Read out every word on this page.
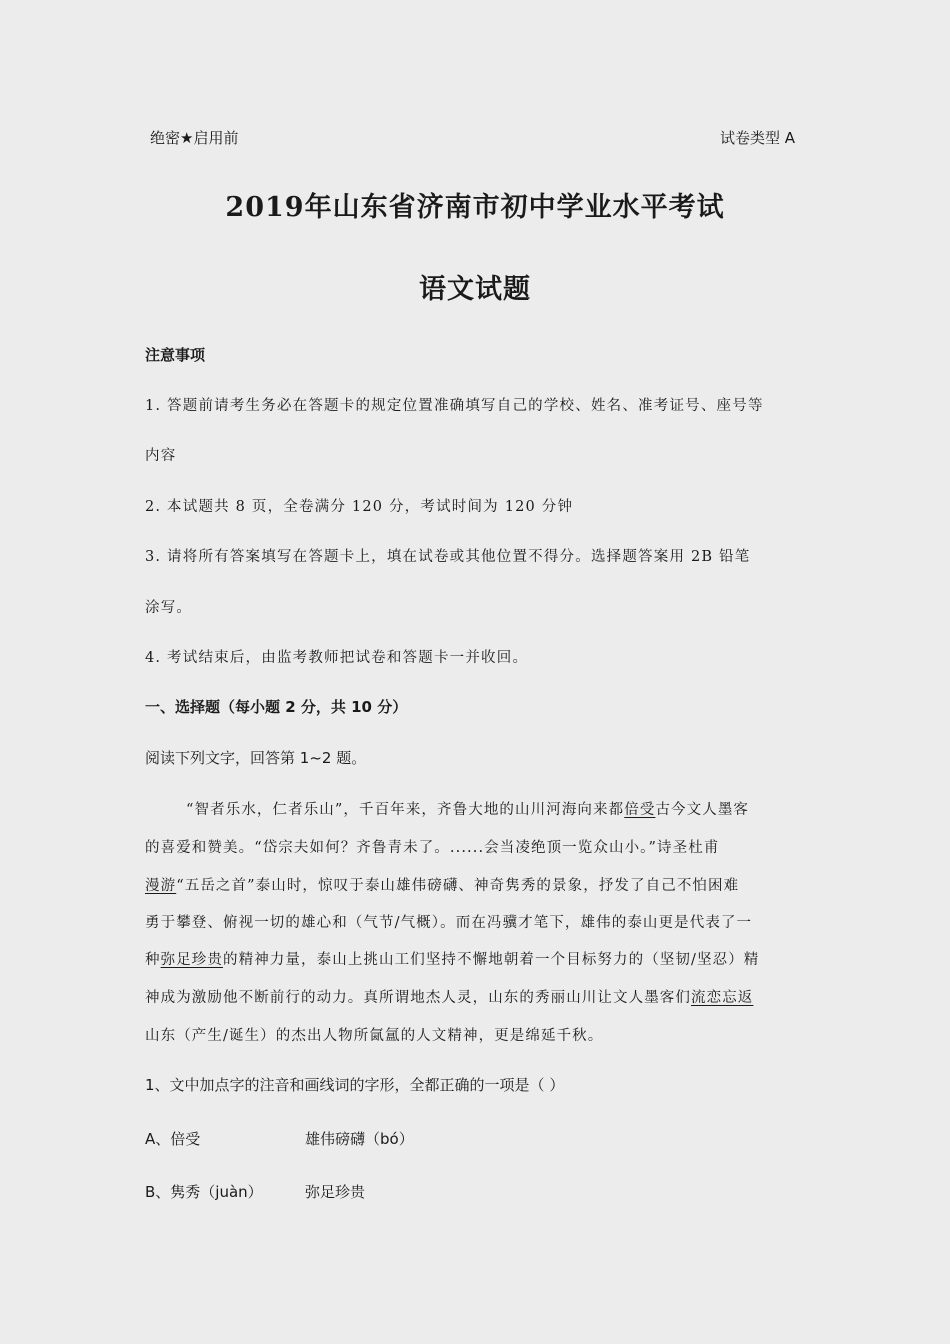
绝密★启用前	试卷类型 A
2019年山东省济南市初中学业水平考试
语文试题
注意事项
1. 答题前请考生务必在答题卡的规定位置准确填写自己的学校、姓名、准考证号、座号等
内容
2. 本试题共 8 页，全卷满分 120 分，考试时间为 120 分钟
3. 请将所有答案填写在答题卡上，填在试卷或其他位置不得分。选择题答案用 2B 铅笔
涂写。
4. 考试结束后，由监考教师把试卷和答题卡一并收回。
一、选择题（每小题 2 分，共 10 分）
阅读下列文字，回答第 1~2 题。
“智者乐水，仁者乐山”，千百年来，齐鲁大地的山川河海向来都倍受古今文人墨客
的喜爱和赞美。“岱宗夫如何？齐鲁青未了。......会当凌绝顶一览众山小。”诗圣杜甫
漫游“五岳之首”泰山时，惊叹于泰山雄伟磅礴、神奇隽秀的景象，抒发了自己不怕困难
勇于攀登、俯视一切的雄心和（气节/气概）。而在冯骥才笔下，雄伟的泰山更是代表了一
种弥足珍贵的精神力量，泰山上挑山工们坚持不懈地朝着一个目标努力的（坚韧/坚忍）精
神成为激励他不断前行的动力。真所谓地杰人灵，山东的秀丽山川让文人墨客们流恋忘返
山东（产生/诞生）的杰出人物所氤氲的人文精神，更是绵延千秋。
1、文中加点字的注音和画线词的字形，全都正确的一项是（ ）
A、倍受	雄伟磅礴（bó）
B、隽秀（juàn）	弥足珍贵
